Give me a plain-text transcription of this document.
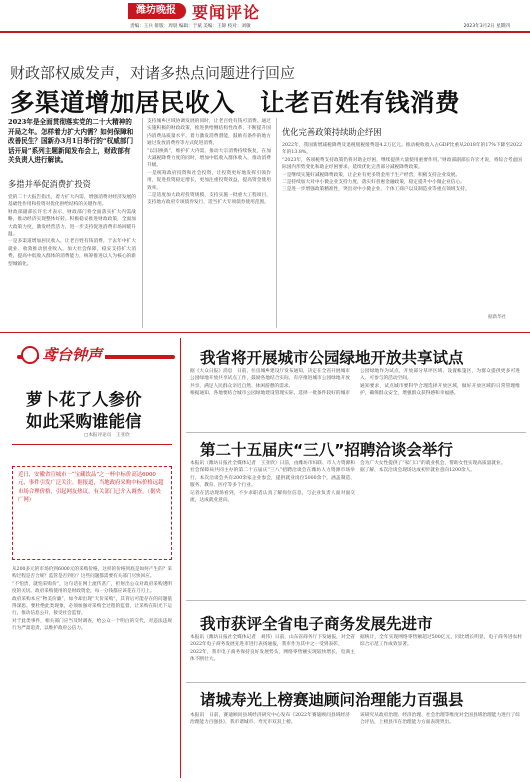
潍坊晚报	要闻评论
责编：王兵 排版：周晨 编辑：于斌 美编：王锦 校对：刘敏	2023年3月2日 星期四
财政部权威发声，对诸多热点问题进行回应
多渠道增加居民收入　让老百姓有钱消费
2023年是全面贯彻落实党的二十大精神的开局之年。怎样着力扩大内需？如何保障和改善民生？国新办3月1日举行的“权威部门话开局”系列主题新闻发布会上，财政部有关负责人进行解读。
多措并举促消费扩投资
党的二十大报告指出，着力扩大内需，增强消费对经济发展的基础性作用和投资对优化供给结构的关键作用。
财政部副部长许宏才表示，财政部门将全面落实扩大内需战略，推动经济实现整体好转。积极稳妥推进财政政策，全面加大政策力度，激发经营活力，进一步支持促进消费市场回暖升温。
一是多渠道增加居民收入，让老百姓有钱消费。于去年中扩大就业、收敛推动创业收入，加大社会保障，稳妥支持扩大消费，提高中低收入群体的消费能力，统筹推进以人为核心的新型城镇化。
支持城乡区域协调发展的同时，让老百姓有钱可消费。通过实施积极的财政政策，推进供给侧结构性改革，不断提升国内消费品质量水平。着力激发消费潜能，鼓励有条件的地方通过发放消费券等方式促进消费。
“以旧换新”，维护扩大内需，推动大宗消费持续恢复，在加大减税降费力度的同时，增加中低收入群体收入，推动消费升级。
一是统筹政府投资和社会投资，让投资更好地发挥引领作用，促进投资稳定增长，更加注重投资效益，提高资金使用效率。
二是适度加大政府投资规模，支持实施一批重大工程项目，支持地方政府专项债券发行，适当扩大专项债券使用范围。
优化完善政策持续助企纾困
2022年，我国新增减税降费及退税缓税缓费超4.2万亿元。推动税收收入占GDP比重从2018年的17%下降至2022年的13.8%。
“2023年，各项税费支持政策仍将对助企纾困，继续提供大量使用重要作用。”财政部副部长许宏才说，将综合考虑国际国内形势变化和助企纾困要求，延续优化完善部分减税降费政策。
一是继续实施好减税降费政策，让企业有更多资金用于生产经营，积极支持企业发展。
二是持续加大对中小微企业支持力度，落实好普惠金融政策，稳定提升中小微企业信心。
三是进一步增强政策精准性，突出对中小微企业、个体工商户以及制造业等重点领域支持。
据新华社
鸢台钟声
萝卜花了人参价
如此采购谁能信
□本报评论员　王亚欣
近日，安徽省宣城市一“宝藏饮品”之一杯中标价高达6000元、事件引发广泛关注。据报道，当地政府采购中标价格远超市场合理价格，引起网友热议，有关部门已介入调查。（据央广网）
从200多元的市场价到6000元的采购价格，这样的价格到底是如何产生的？采购过程是否合规？监管是否到位？这些问题都需要有关部门尽快回应。
“不怕贵，就怕采购价”，这句话在网上流传甚广，折射出公众对政府采购透明度的关切。政府采购使用的是财政资金，每一分钱都应该花在刀刃上。
政府采购本应“物美价廉”，如今却出现“天价采购”，其背后可能存在的问题值得深思。要杜绝此类现象，必须加强对采购全过程的监督，让采购在阳光下运行，推动信息公开，接受社会监督。
对于此类事件，相关部门应当及时调查，给公众一个明白的交代，对违法违规行为严肃追责，以维护政府公信力。
我省将开展城市公园绿地开放共享试点
据《大众日报》消息　日前，住房城乡建设厅发布通知，决定在全省开展城市公园绿地开放共享试点工作，鼓励各地结合实际，有序推进城市公园绿地开放共享，满足人民群众亲近自然、休闲游憩的需求。
根据通知，各地要结合城市公园绿地建设管理实际，选择一批条件较好的城市公园绿地作为试点，开放部分草坪区域，设置帐篷区，为群众提供更多可进入、可参与的活动空间。
通知要求，试点城市要科学合理选择开放区域，做好开放区域的日常管理维护，确保群众安全，增强群众获得感和幸福感。
第二十五届庆“三八”招聘洽谈会举行
本报讯（潍坊日报社全媒体记者　王亚欣）日前，由潍坊市妇联、市人力资源和社会保障局共同主办的第二十五届庆“三八”招聘洽谈会在潍坊人力资源市场举行。本次洽谈会共有200余家企业参会，提供就业岗位5000余个，涵盖制造、服务、教育、医疗等多个行业。
记者在活动现场看到，不少求职者认真了解岗位信息，与企业负责人面对面交流，达成就业意向。
会为广大女性提供了“家门口”的就业机会，帮助女性实现高质量就业。
据了解，本次洽谈会现场达成初步就业意向1200余人。
我市获评全省电子商务发展先进市
本报讯（潍坊日报社全媒体记者　刘伟）日前，山东省商务厅下发通报，对全省2022年电子商务发展先进市进行表扬通报，我市作为其中之一受到表彰。
2022年，我市电子商务保持良好发展势头，网络零售额实现较快增长，电商主体不断壮大。
据统计，全年实现网络零售额超过500亿元，同比增长明显，电子商务进农村综合示范工作成效显著。
诸城寿光上榜赛迪顾问治理能力百强县
本报讯　日前，赛迪顾问县域经济研究中心发布《2022年赛迪顾问县域经济治理能力百强县》，我市诸城市、寿光市双双上榜。
该研究从政府治理、经济治理、社会治理等维度对全国县域治理能力进行了综合评估，上榜县市在治理能力方面表现突出。
